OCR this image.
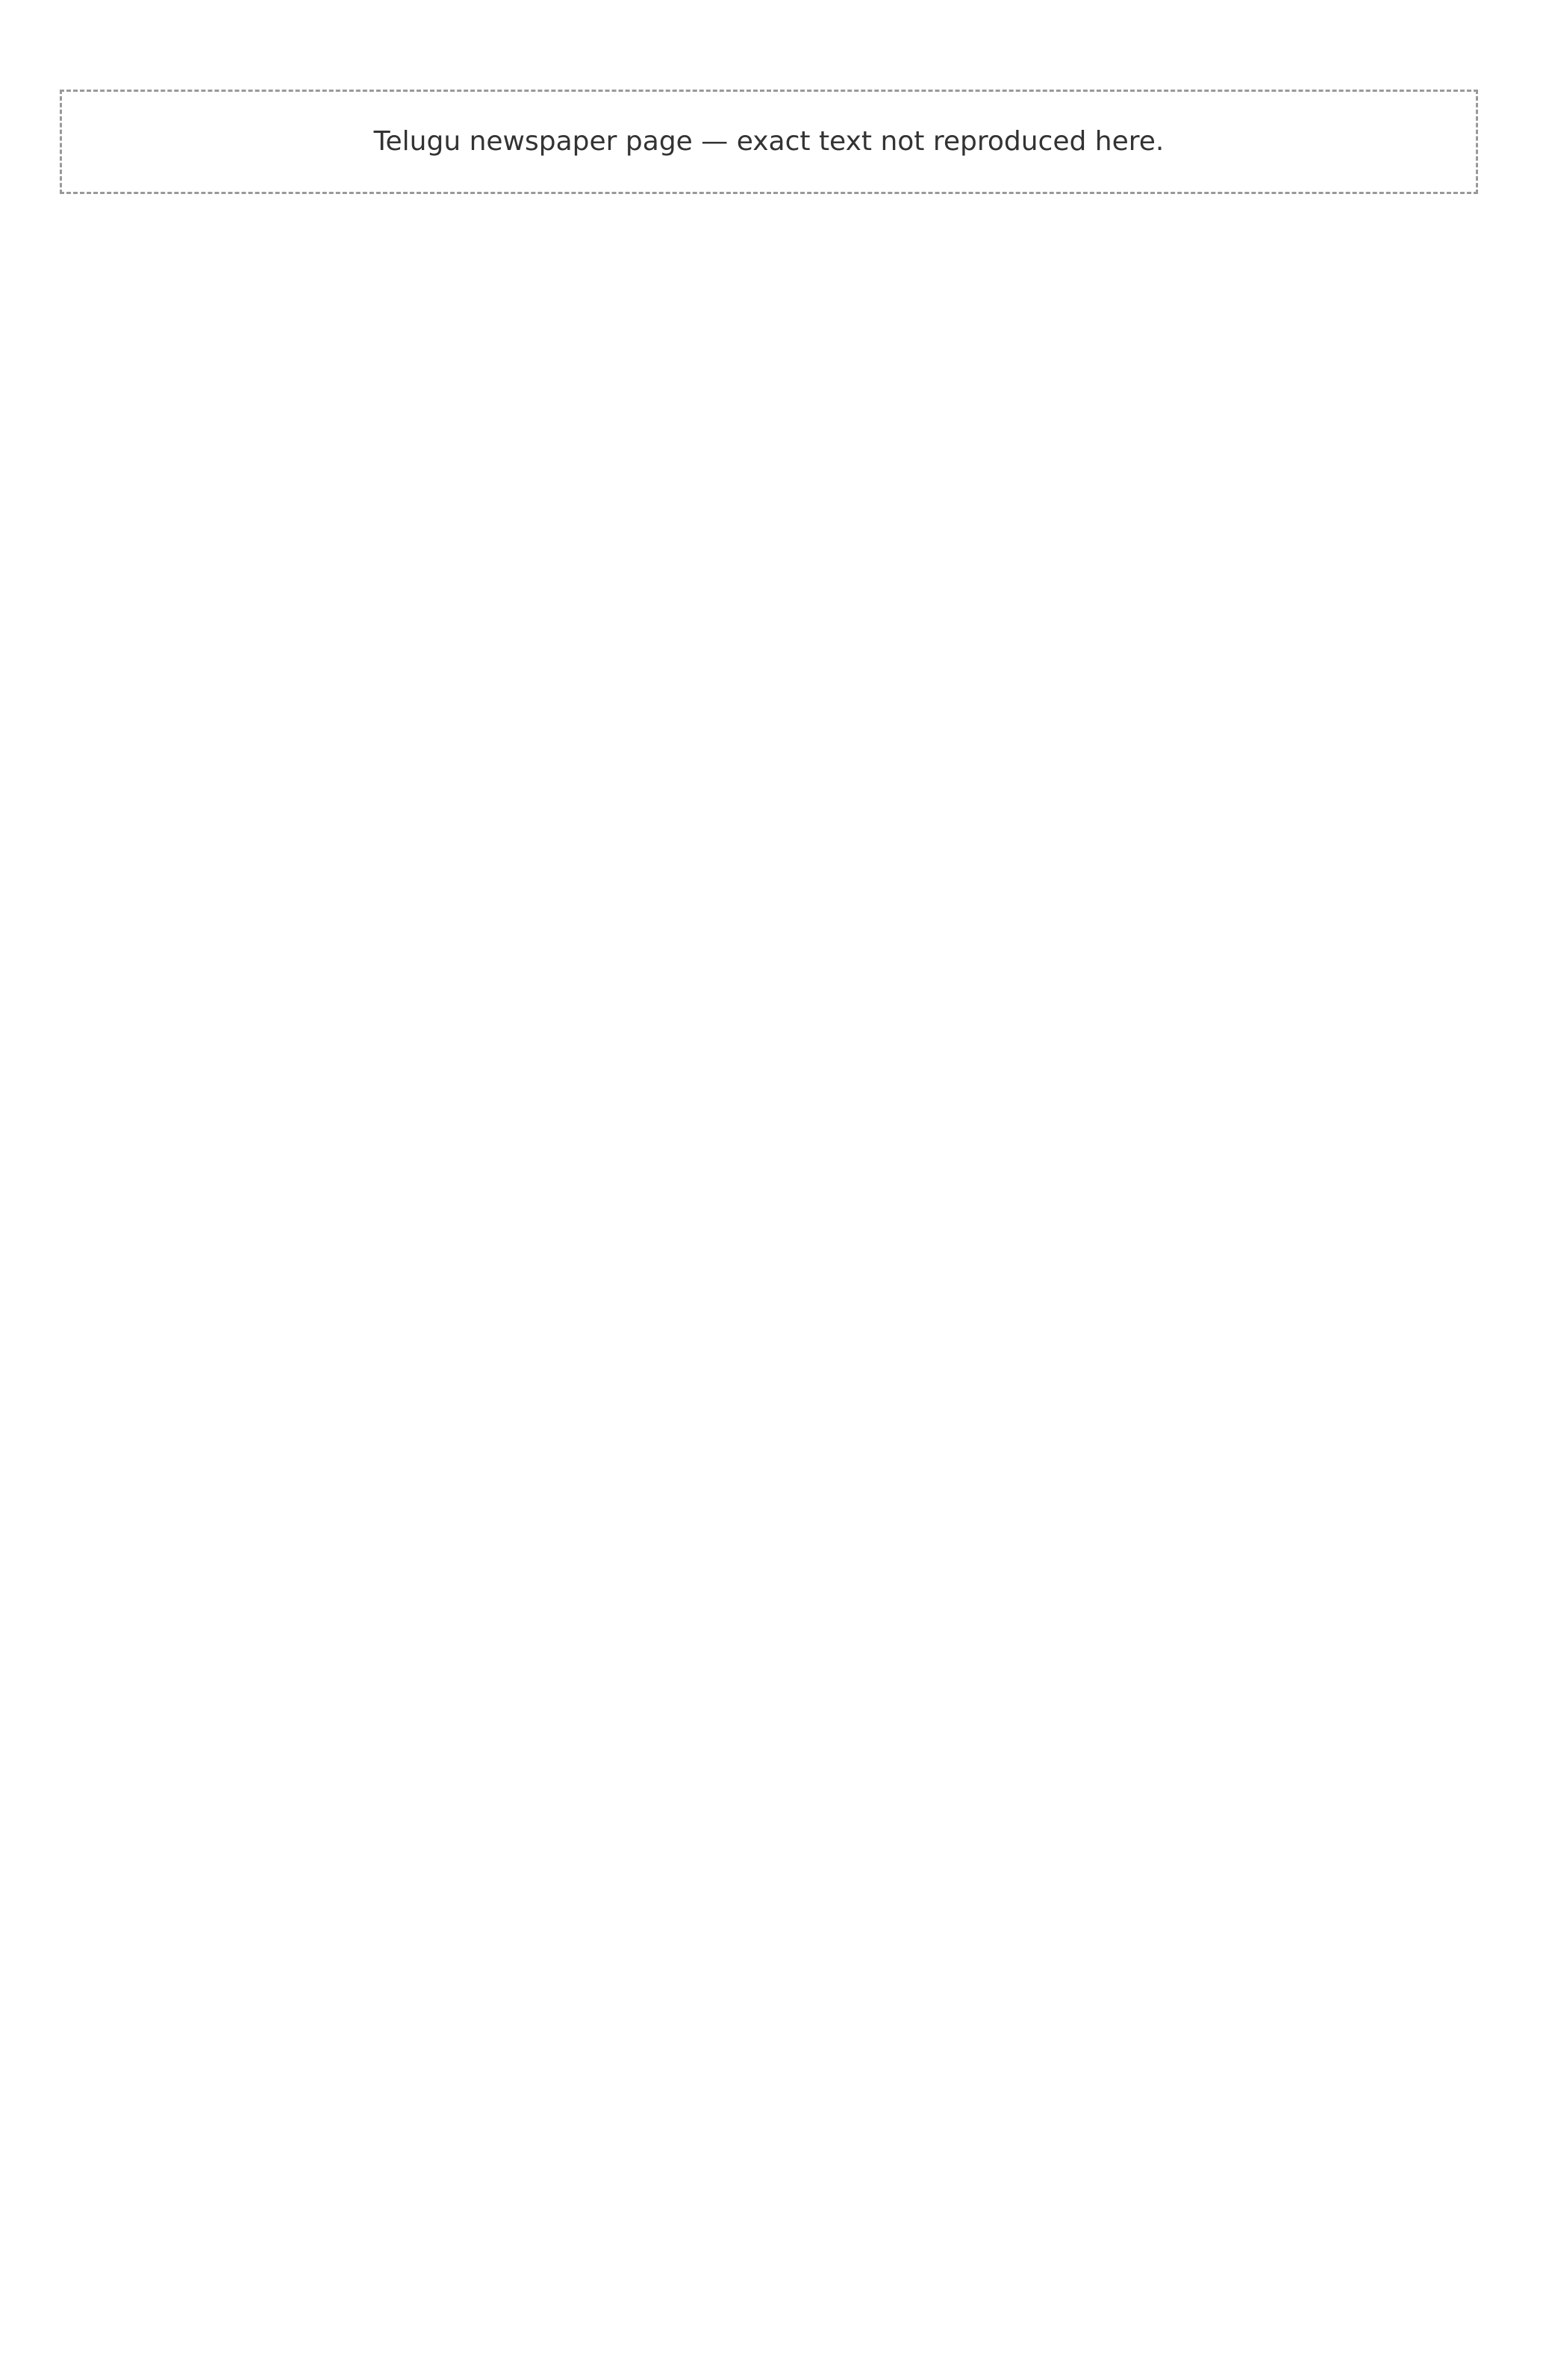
Telugu newspaper page — exact text not reproduced here.
